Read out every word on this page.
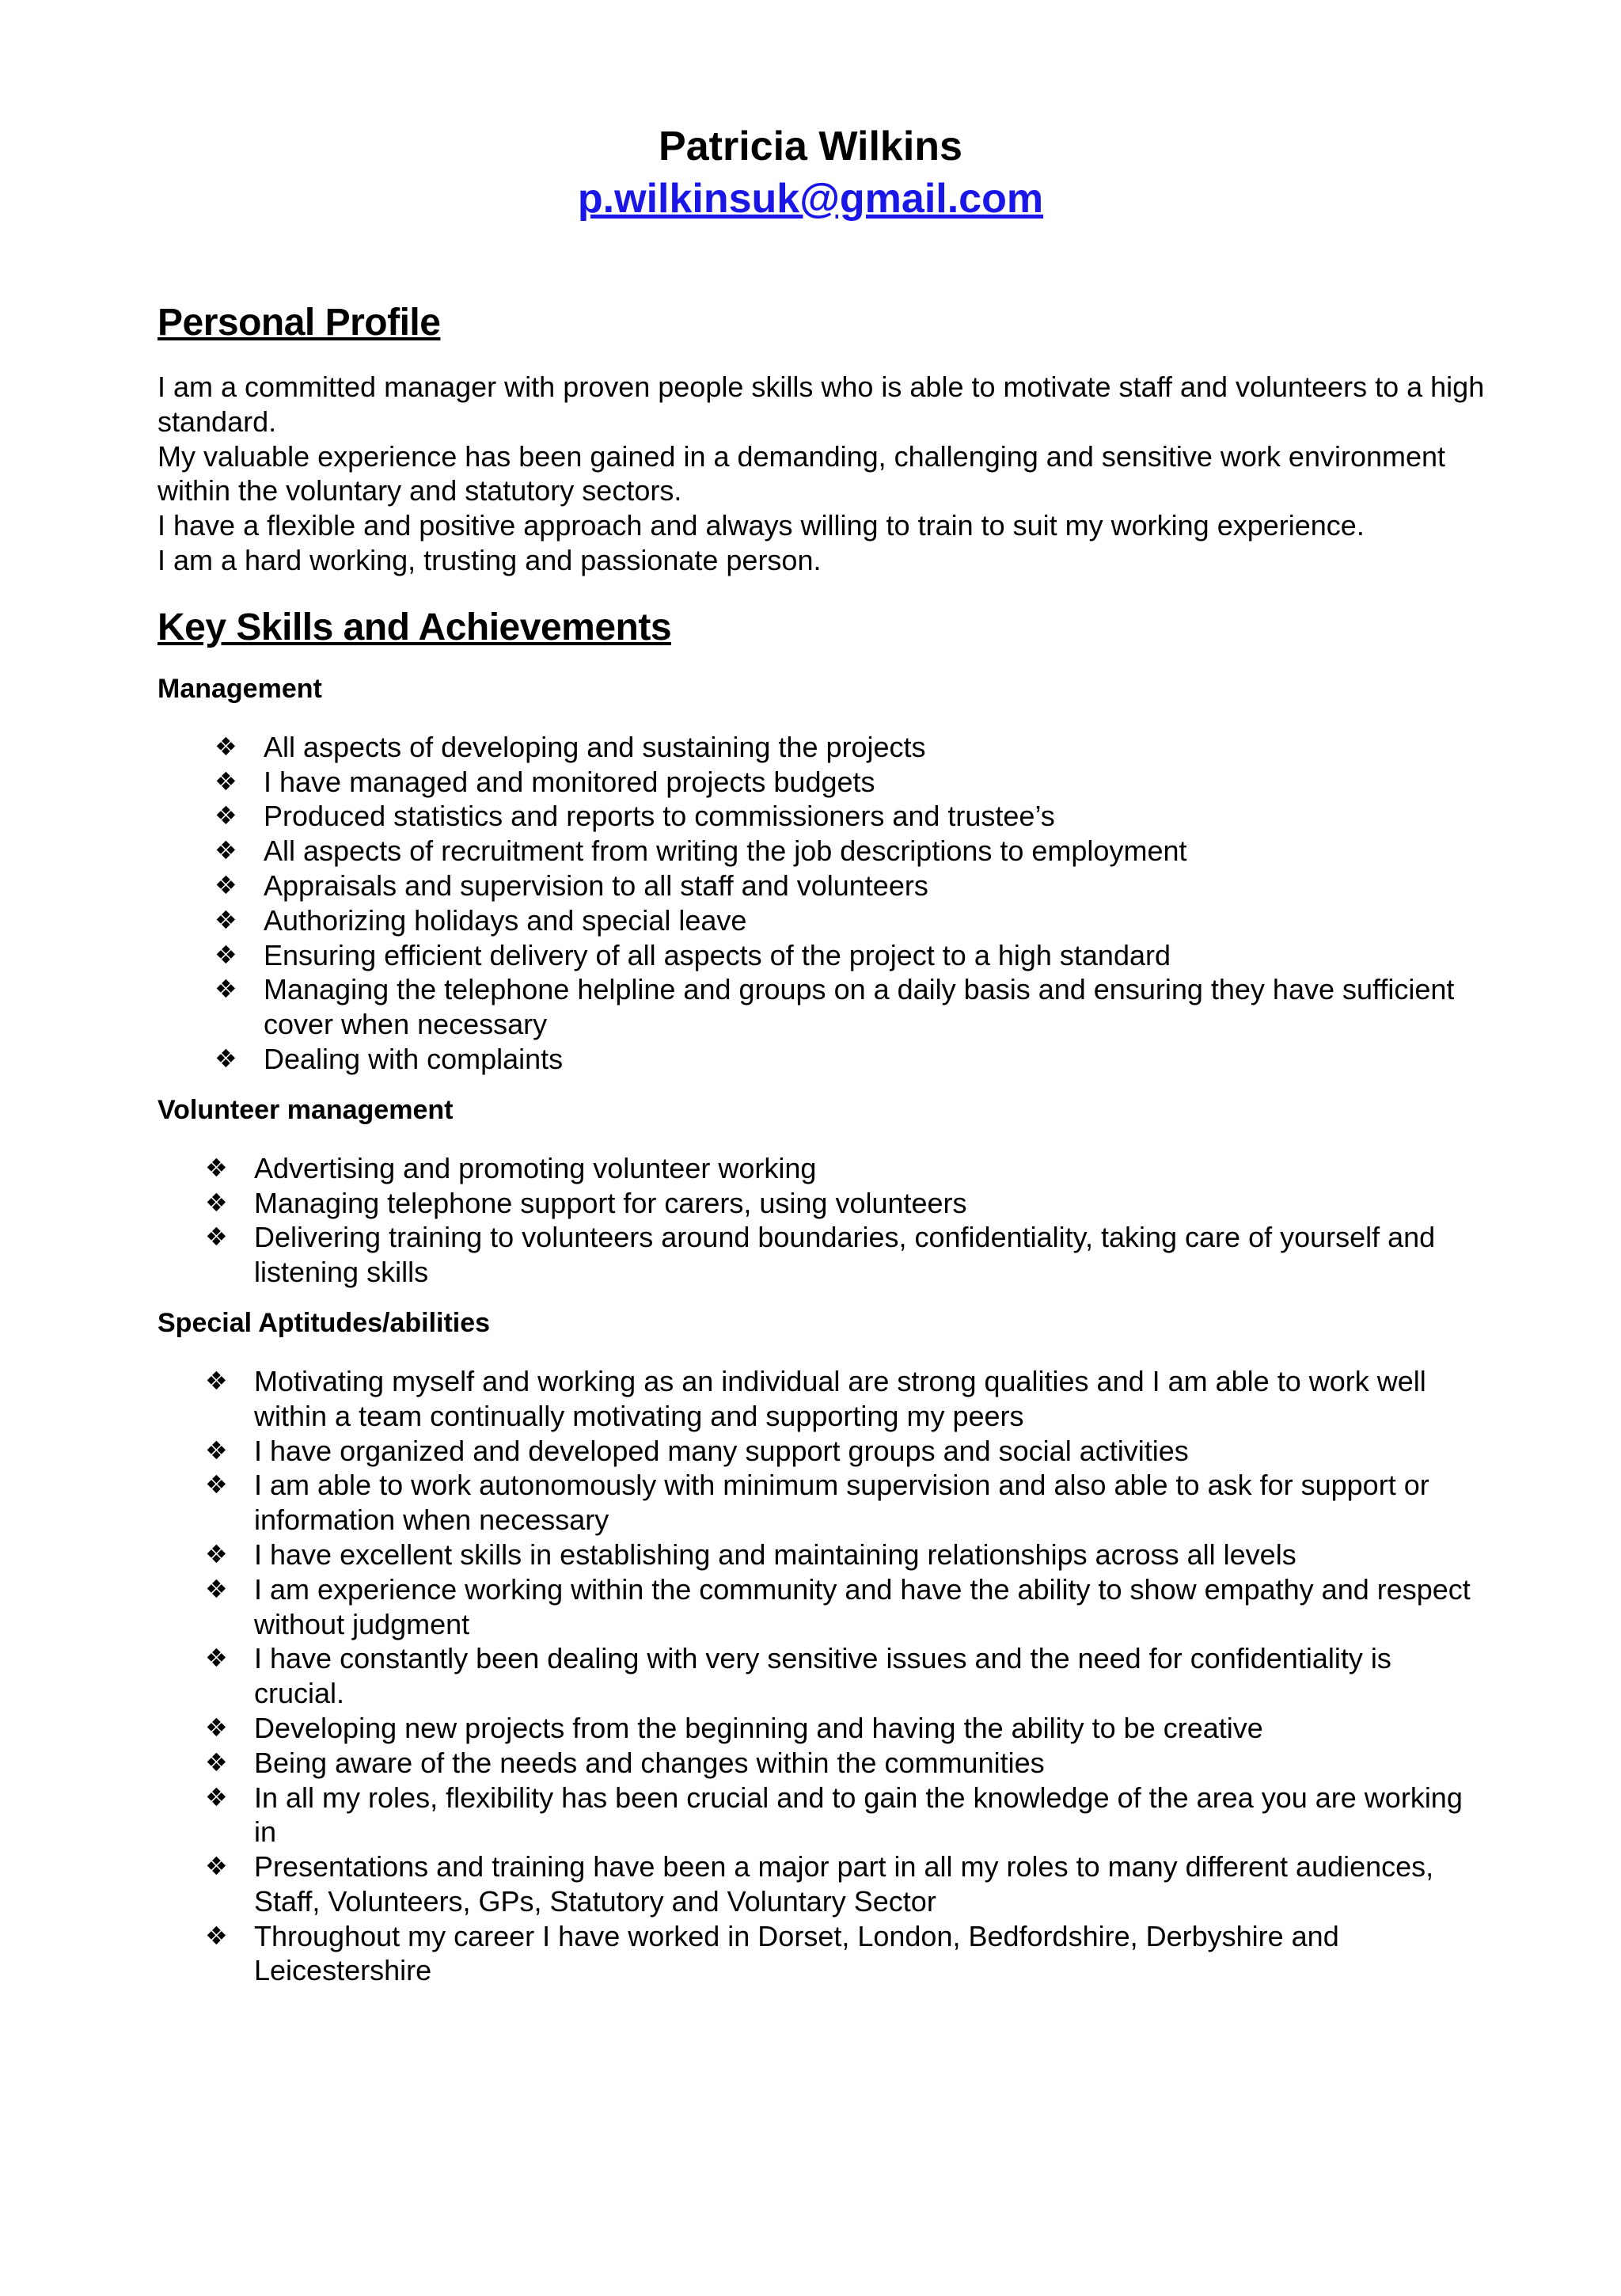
Patricia Wilkins
p.wilkinsuk@gmail.com
Personal Profile
I am a committed manager with proven people skills who is able to motivate staff and volunteers to a high standard.
My valuable experience has been gained in a demanding, challenging and sensitive work environment within the voluntary and statutory sectors.
I have a flexible and positive approach and always willing to train to suit my working experience.
I am a hard working, trusting and passionate person.
Key Skills and Achievements
Management
❖ All aspects of developing and sustaining the projects
❖ I have managed and monitored projects budgets
❖ Produced statistics and reports to commissioners and trustee’s
❖ All aspects of recruitment from writing the job descriptions to employment
❖ Appraisals and supervision to all staff and volunteers
❖ Authorizing holidays and special leave
❖ Ensuring efficient delivery of all aspects of the project to a high standard
❖ Managing the telephone helpline and groups on a daily basis and ensuring they have sufficient cover when necessary
❖ Dealing with complaints
Volunteer management
❖ Advertising and promoting volunteer working
❖ Managing telephone support for carers, using volunteers
❖ Delivering training to volunteers around boundaries, confidentiality, taking care of yourself and listening skills
Special Aptitudes/abilities
❖ Motivating myself and working as an individual are strong qualities and I am able to work well within a team continually motivating and supporting my peers
❖ I have organized and developed many support groups and social activities
❖ I am able to work autonomously with minimum supervision and also able to ask for support or information when necessary
❖ I have excellent skills in establishing and maintaining relationships across all levels
❖ I am experience working within the community and have the ability to show empathy and respect without judgment
❖ I have constantly been dealing with very sensitive issues and the need for confidentiality is crucial.
❖ Developing new projects from the beginning and having the ability to be creative
❖ Being aware of the needs and changes within the communities
❖ In all my roles, flexibility has been crucial and to gain the knowledge of the area you are working in
❖ Presentations and training have been a major part in all my roles to many different audiences, Staff, Volunteers, GPs, Statutory and Voluntary Sector
❖ Throughout my career I have worked in Dorset, London, Bedfordshire, Derbyshire and Leicestershire
